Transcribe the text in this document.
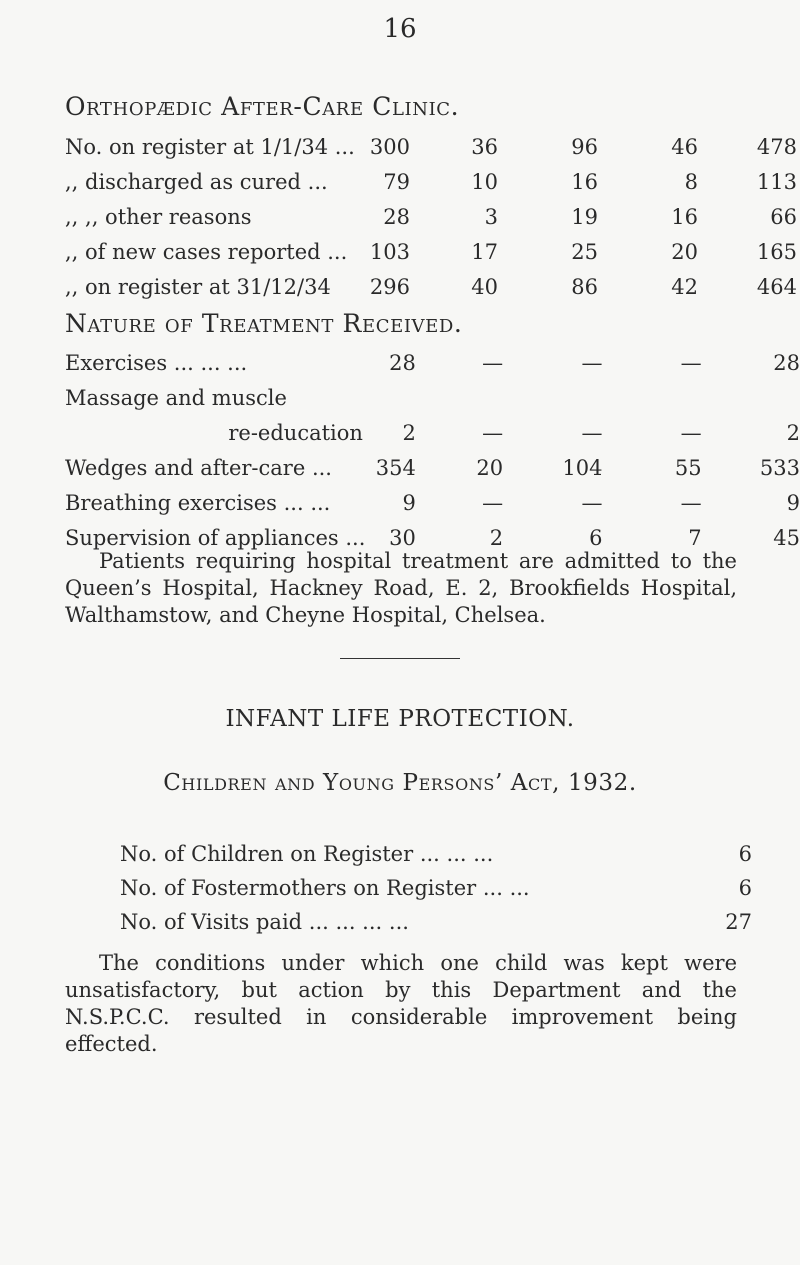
16
Orthopædic After-Care Clinic.
No. on register at 1/1/34 ...	300	36	96	46	478
,, discharged as cured ...	79	10	16	8	113
,, ,, other reasons	28	3	19	16	66
,, of new cases reported ...	103	17	25	20	165
,, on register at 31/12/34	296	40	86	42	464
Nature of Treatment Received.
Exercises ... ... ...	28	—	—	—	28
Massage and muscle					
re-education	2	—	—	—	2
Wedges and after-care ...	354	20	104	55	533
Breathing exercises ... ...	9	—	—	—	9
Supervision of appliances ...	30	2	6	7	45
Patients requiring hospital treatment are admitted to the Queen’s Hospital, Hackney Road, E. 2, Brookfields Hospital, Walthamstow, and Cheyne Hospital, Chelsea.
INFANT LIFE PROTECTION.
Children and Young Persons’ Act, 1932.
No. of Children on Register ... ... ...	6
No. of Fostermothers on Register ... ...	6
No. of Visits paid ... ... ... ...	27
The conditions under which one child was kept were unsatisfactory, but action by this Department and the N.S.P.C.C. resulted in considerable improvement being effected.
